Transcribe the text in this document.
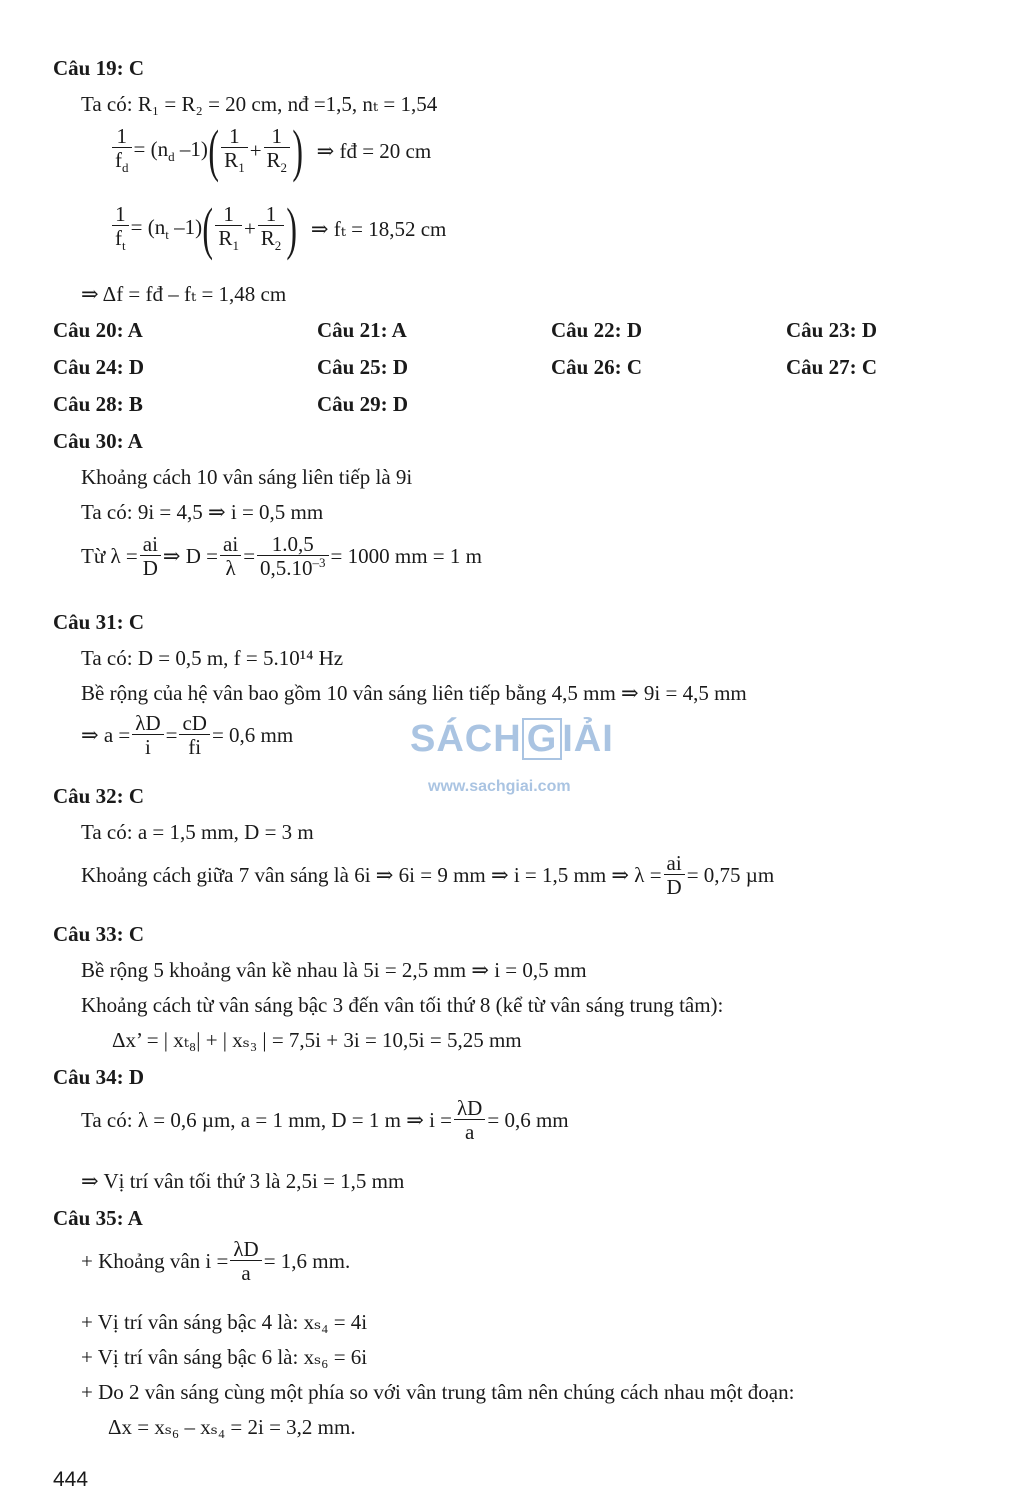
Câu 19: C
Ta có: R₁ = R₂ = 20 cm, nđ =1,5, nₜ = 1,54
$\frac{1}{f_d} = (n_d$ $-1)( \frac{1}{R_1} + \frac{1}{R_2}$ ) ⇒ fđ = 20 cm
$\frac{1}{f_t} = (n_t$ $-1)( \frac{1}{R_1} + \frac{1}{R_2}$ ) ⇒ fₜ = 18,52 cm
⇒ Δf = fđ – fₜ = 1,48 cm
Câu 20: A	Câu 21: A	Câu 22: D	Câu 23: D
Câu 24: D	Câu 25: D	Câu 26: C	Câu 27: C
Câu 28: B	Câu 29: D
Câu 30: A
Khoảng cách 10 vân sáng liên tiếp là 9i
Ta có: 9i = 4,5 ⇒ i = 0,5 mm
Từ $\lambda = \frac{ai}{D}$ ⇒ $D = \frac{ai}{\lambda} = \frac{1.0,5}{0,5.10^{-3}} = 1000$ mm = 1 m
Câu 31: C
Ta có: D = 0,5 m, f = 5.10¹⁴ Hz
Bề rộng của hệ vân bao gồm 10 vân sáng liên tiếp bằng 4,5 mm ⇒ 9i = 4,5 mm
⇒ $a = \frac{\lambda D}{i} = \frac{cD}{fi} = 0,6$ mm	SÁCH G IẢI
www.sachgiai.com
Câu 32: C
Ta có: a = 1,5 mm, D = 3 m
Khoảng cách giữa 7 vân sáng là 6i ⇒ 6i = 9 mm ⇒ i = 1,5 mm ⇒ $\lambda = \frac{ai}{D} = 0,75$ µm
Câu 33: C
Bề rộng 5 khoảng vân kề nhau là 5i = 2,5 mm ⇒ i = 0,5 mm
Khoảng cách từ vân sáng bậc 3 đến vân tối thứ 8 (kể từ vân sáng trung tâm):
Δx’ = | xₜ₈| + | xₛ₃ | = 7,5i + 3i = 10,5i = 5,25 mm
Câu 34: D
Ta có: λ = 0,6 µm, a = 1 mm, D = 1 m ⇒ $i = \frac{\lambda D}{a} = 0,6$ mm
⇒ Vị trí vân tối thứ 3 là 2,5i = 1,5 mm
Câu 35: A
+ Khoảng vân $i = \frac{\lambda D}{a} = 1,6$ mm.
+ Vị trí vân sáng bậc 4 là: xₛ₄ = 4i
+ Vị trí vân sáng bậc 6 là: xₛ₆ = 6i
+ Do 2 vân sáng cùng một phía so với vân trung tâm nên chúng cách nhau một đoạn:
Δx = xₛ₆ – xₛ₄ = 2i = 3,2 mm.
444
